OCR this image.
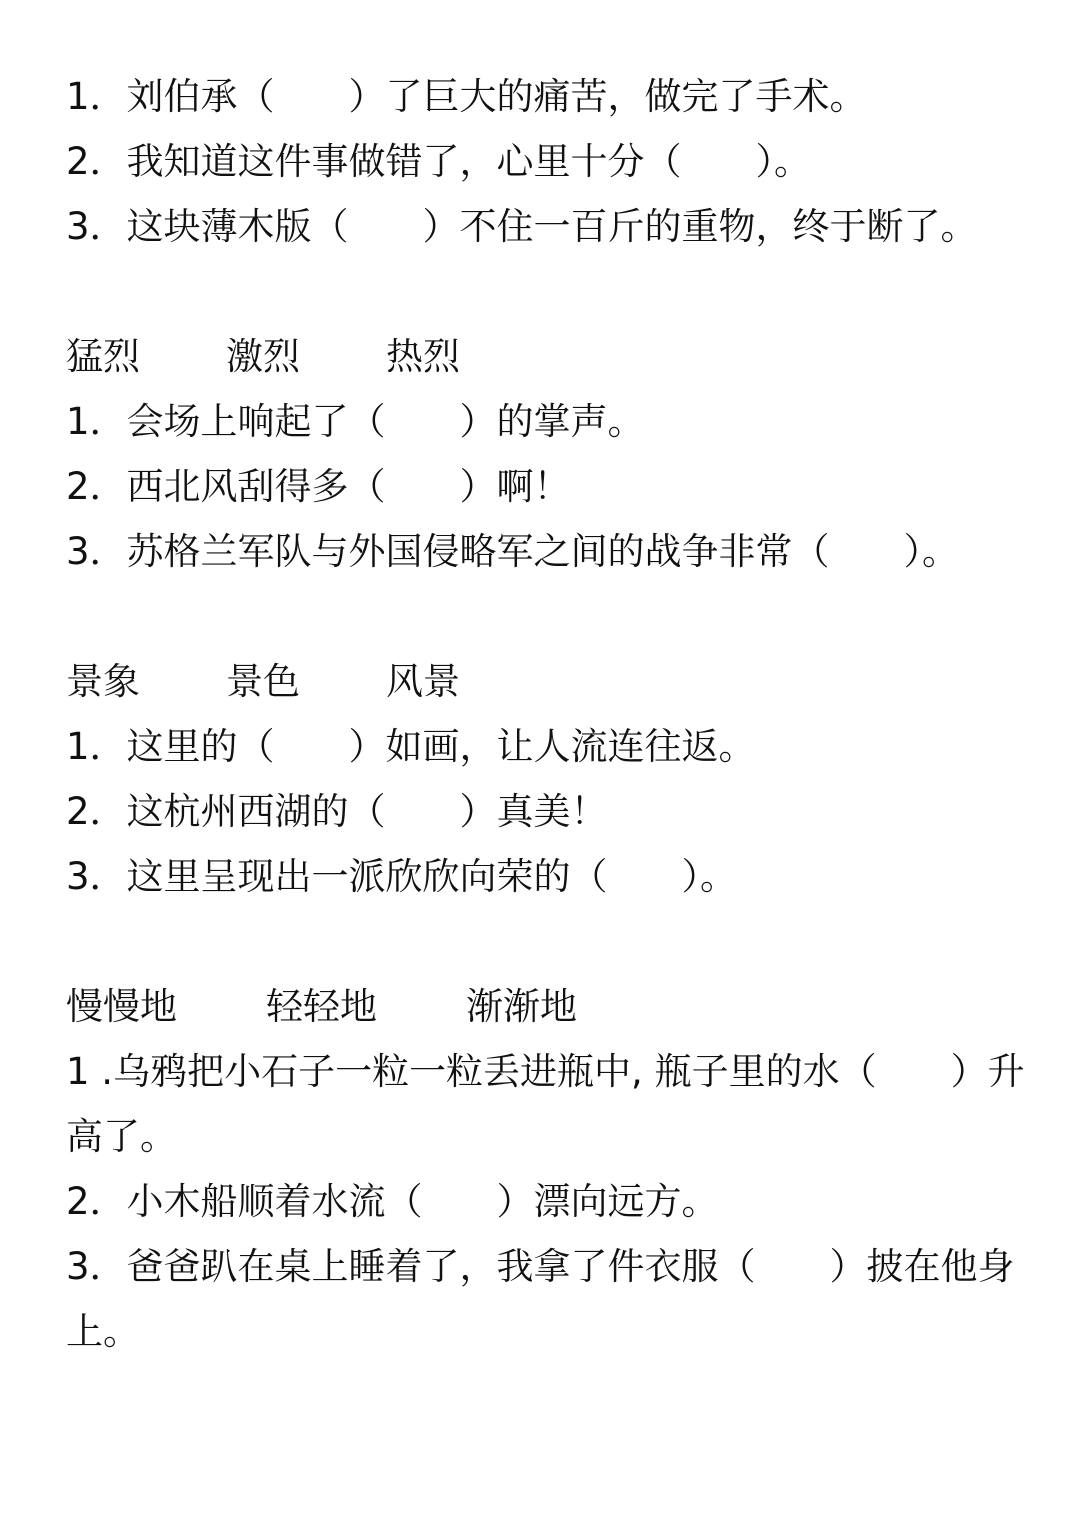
1．刘伯承（　　）了巨大的痛苦，做完了手术。
2．我知道这件事做错了，心里十分（　　）。
3．这块薄木版（　　）不住一百斤的重物，终于断了。
猛烈	激烈	热烈
1．会场上响起了（　　）的掌声。
2．西北风刮得多（　　）啊！
3．苏格兰军队与外国侵略军之间的战争非常（　　）。
景象	景色	风景
1．这里的（　　）如画，让人流连往返。
2．这杭州西湖的（　　）真美！
3．这里呈现出一派欣欣向荣的（　　）。
慢慢地	轻轻地	渐渐地
1 .乌鸦把小石子一粒一粒丢进瓶中, 瓶子里的水（　　）升高了。
2．小木船顺着水流（　　）漂向远方。
3．爸爸趴在桌上睡着了，我拿了件衣服（　　）披在他身上。
